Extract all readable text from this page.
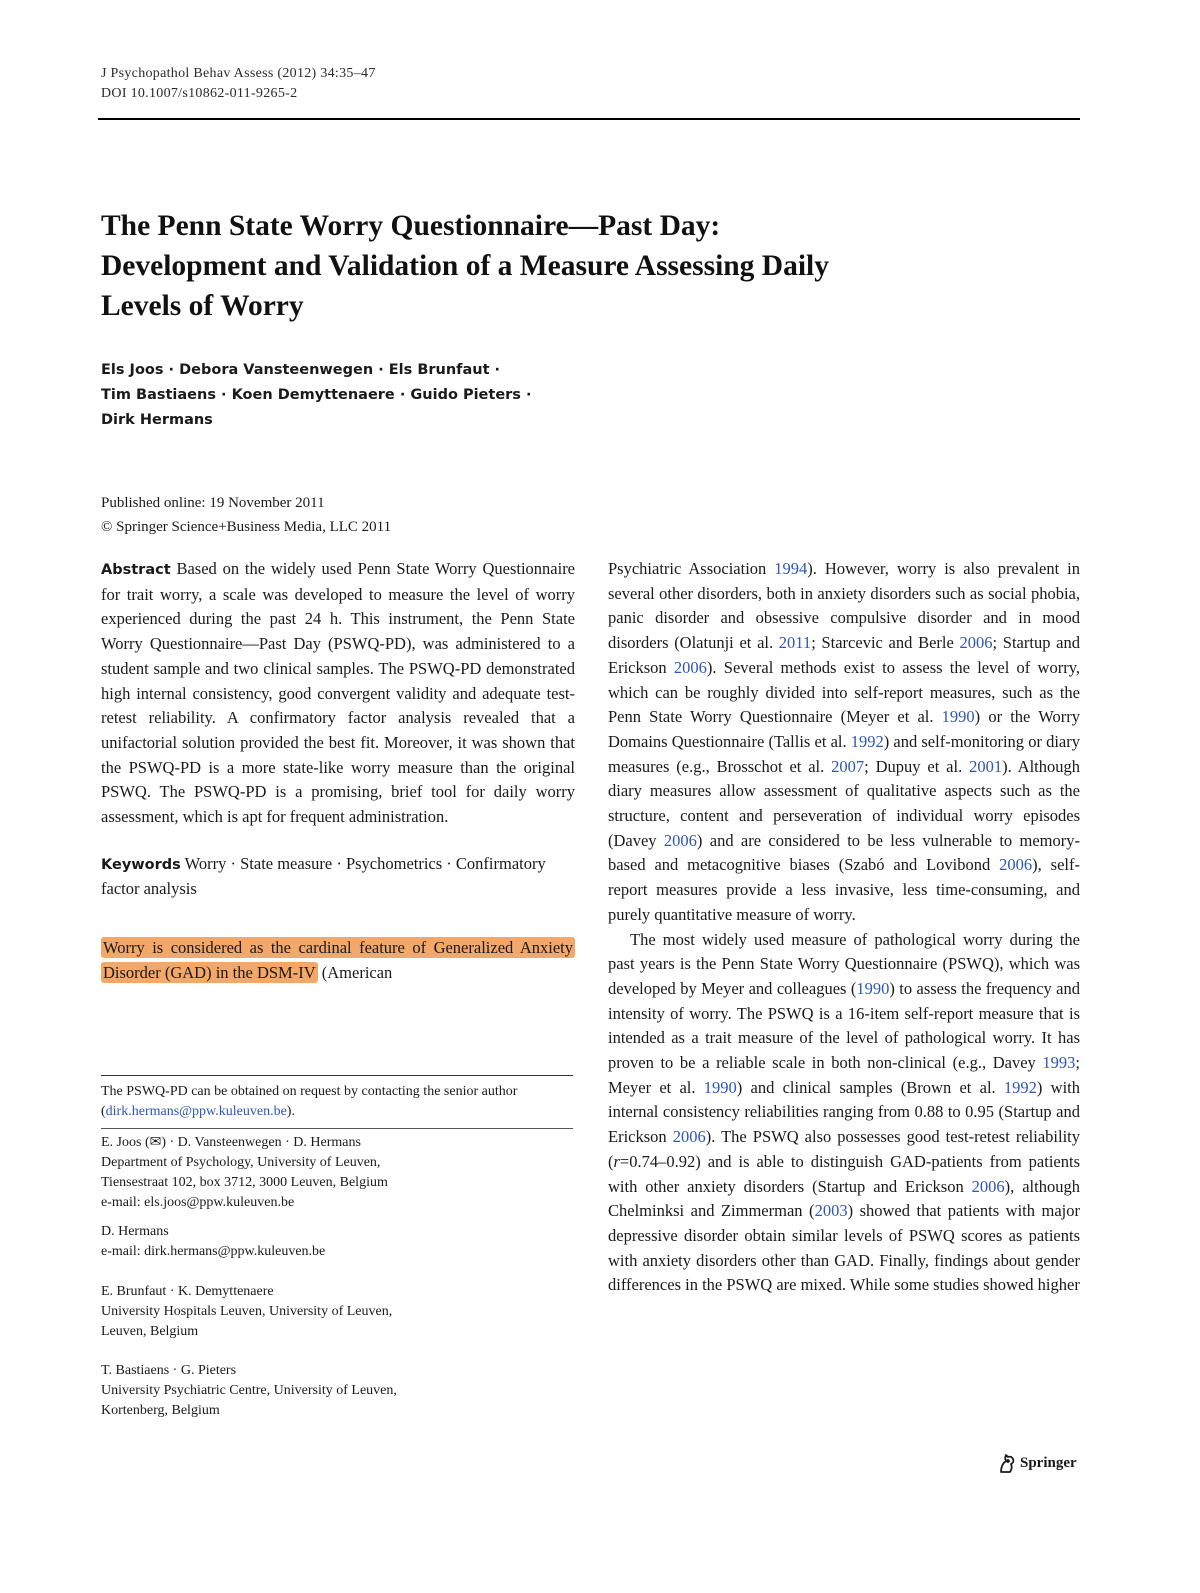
J Psychopathol Behav Assess (2012) 34:35–47
DOI 10.1007/s10862-011-9265-2
The Penn State Worry Questionnaire—Past Day:
Development and Validation of a Measure Assessing Daily
Levels of Worry
Els Joos · Debora Vansteenwegen · Els Brunfaut ·
Tim Bastiaens · Koen Demyttenaere · Guido Pieters ·
Dirk Hermans
Published online: 19 November 2011
© Springer Science+Business Media, LLC 2011

Abstract Based on the widely used Penn State Worry Questionnaire for trait worry, a scale was developed to measure the level of worry experienced during the past 24 h. This instrument, the Penn State Worry Questionnaire—Past Day (PSWQ-PD), was administered to a student sample and two clinical samples. The PSWQ-PD demonstrated high internal consistency, good convergent validity and adequate test-retest reliability. A confirmatory factor analysis revealed that a unifactorial solution provided the best fit. Moreover, it was shown that the PSWQ-PD is a more state-like worry measure than the original PSWQ. The PSWQ-PD is a promising, brief tool for daily worry assessment, which is apt for frequent administration.

Keywords Worry · State measure · Psychometrics · Confirmatory factor analysis

Worry is considered as the cardinal feature of Generalized Anxiety Disorder (GAD) in the DSM-IV (American

The PSWQ-PD can be obtained on request by contacting the senior author (dirk.hermans@ppw.kuleuven.be).

E. Joos (✉) · D. Vansteenwegen · D. Hermans
Department of Psychology, University of Leuven,
Tiensestraat 102, box 3712, 3000 Leuven, Belgium
e-mail: els.joos@ppw.kuleuven.be
D. Hermans
e-mail: dirk.hermans@ppw.kuleuven.be
E. Brunfaut · K. Demyttenaere
University Hospitals Leuven, University of Leuven,
Leuven, Belgium
T. Bastiaens · G. Pieters
University Psychiatric Centre, University of Leuven,
Kortenberg, Belgium

Psychiatric Association 1994). However, worry is also prevalent in several other disorders, both in anxiety disorders such as social phobia, panic disorder and obsessive compulsive disorder and in mood disorders (Olatunji et al. 2011; Starcevic and Berle 2006; Startup and Erickson 2006). Several methods exist to assess the level of worry, which can be roughly divided into self-report measures, such as the Penn State Worry Questionnaire (Meyer et al. 1990) or the Worry Domains Questionnaire (Tallis et al. 1992) and self-monitoring or diary measures (e.g., Brosschot et al. 2007; Dupuy et al. 2001). Although diary measures allow assessment of qualitative aspects such as the structure, content and perseveration of individual worry episodes (Davey 2006) and are considered to be less vulnerable to memory-based and metacognitive biases (Szabó and Lovibond 2006), self-report measures provide a less invasive, less time-consuming, and purely quantitative measure of worry.

The most widely used measure of pathological worry during the past years is the Penn State Worry Questionnaire (PSWQ), which was developed by Meyer and colleagues (1990) to assess the frequency and intensity of worry. The PSWQ is a 16-item self-report measure that is intended as a trait measure of the level of pathological worry. It has proven to be a reliable scale in both non-clinical (e.g., Davey 1993; Meyer et al. 1990) and clinical samples (Brown et al. 1992) with internal consistency reliabilities ranging from 0.88 to 0.95 (Startup and Erickson 2006). The PSWQ also possesses good test-retest reliability (r=0.74–0.92) and is able to distinguish GAD-patients from patients with other anxiety disorders (Startup and Erickson 2006), although Chelminksi and Zimmerman (2003) showed that patients with major depressive disorder obtain similar levels of PSWQ scores as patients with anxiety disorders other than GAD. Finally, findings about gender differences in the PSWQ are mixed. While some studies showed higher

Springer
